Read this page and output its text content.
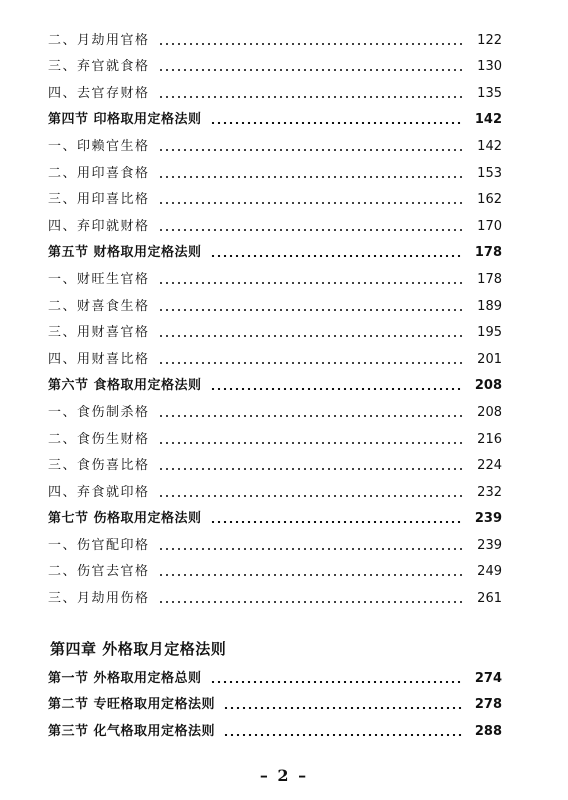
二、月劫用官格	122
三、弃官就食格	130
四、去官存财格	135
第四节 印格取用定格法则	142
一、印赖官生格	142
二、用印喜食格	153
三、用印喜比格	162
四、弃印就财格	170
第五节 财格取用定格法则	178
一、财旺生官格	178
二、财喜食生格	189
三、用财喜官格	195
四、用财喜比格	201
第六节 食格取用定格法则	208
一、食伤制杀格	208
二、食伤生财格	216
三、食伤喜比格	224
四、弃食就印格	232
第七节 伤格取用定格法则	239
一、伤官配印格	239
二、伤官去官格	249
三、月劫用伤格	261
第四章 外格取月定格法则
第一节 外格取用定格总则	274
第二节 专旺格取用定格法则	278
第三节 化气格取用定格法则	288
– 2 –
